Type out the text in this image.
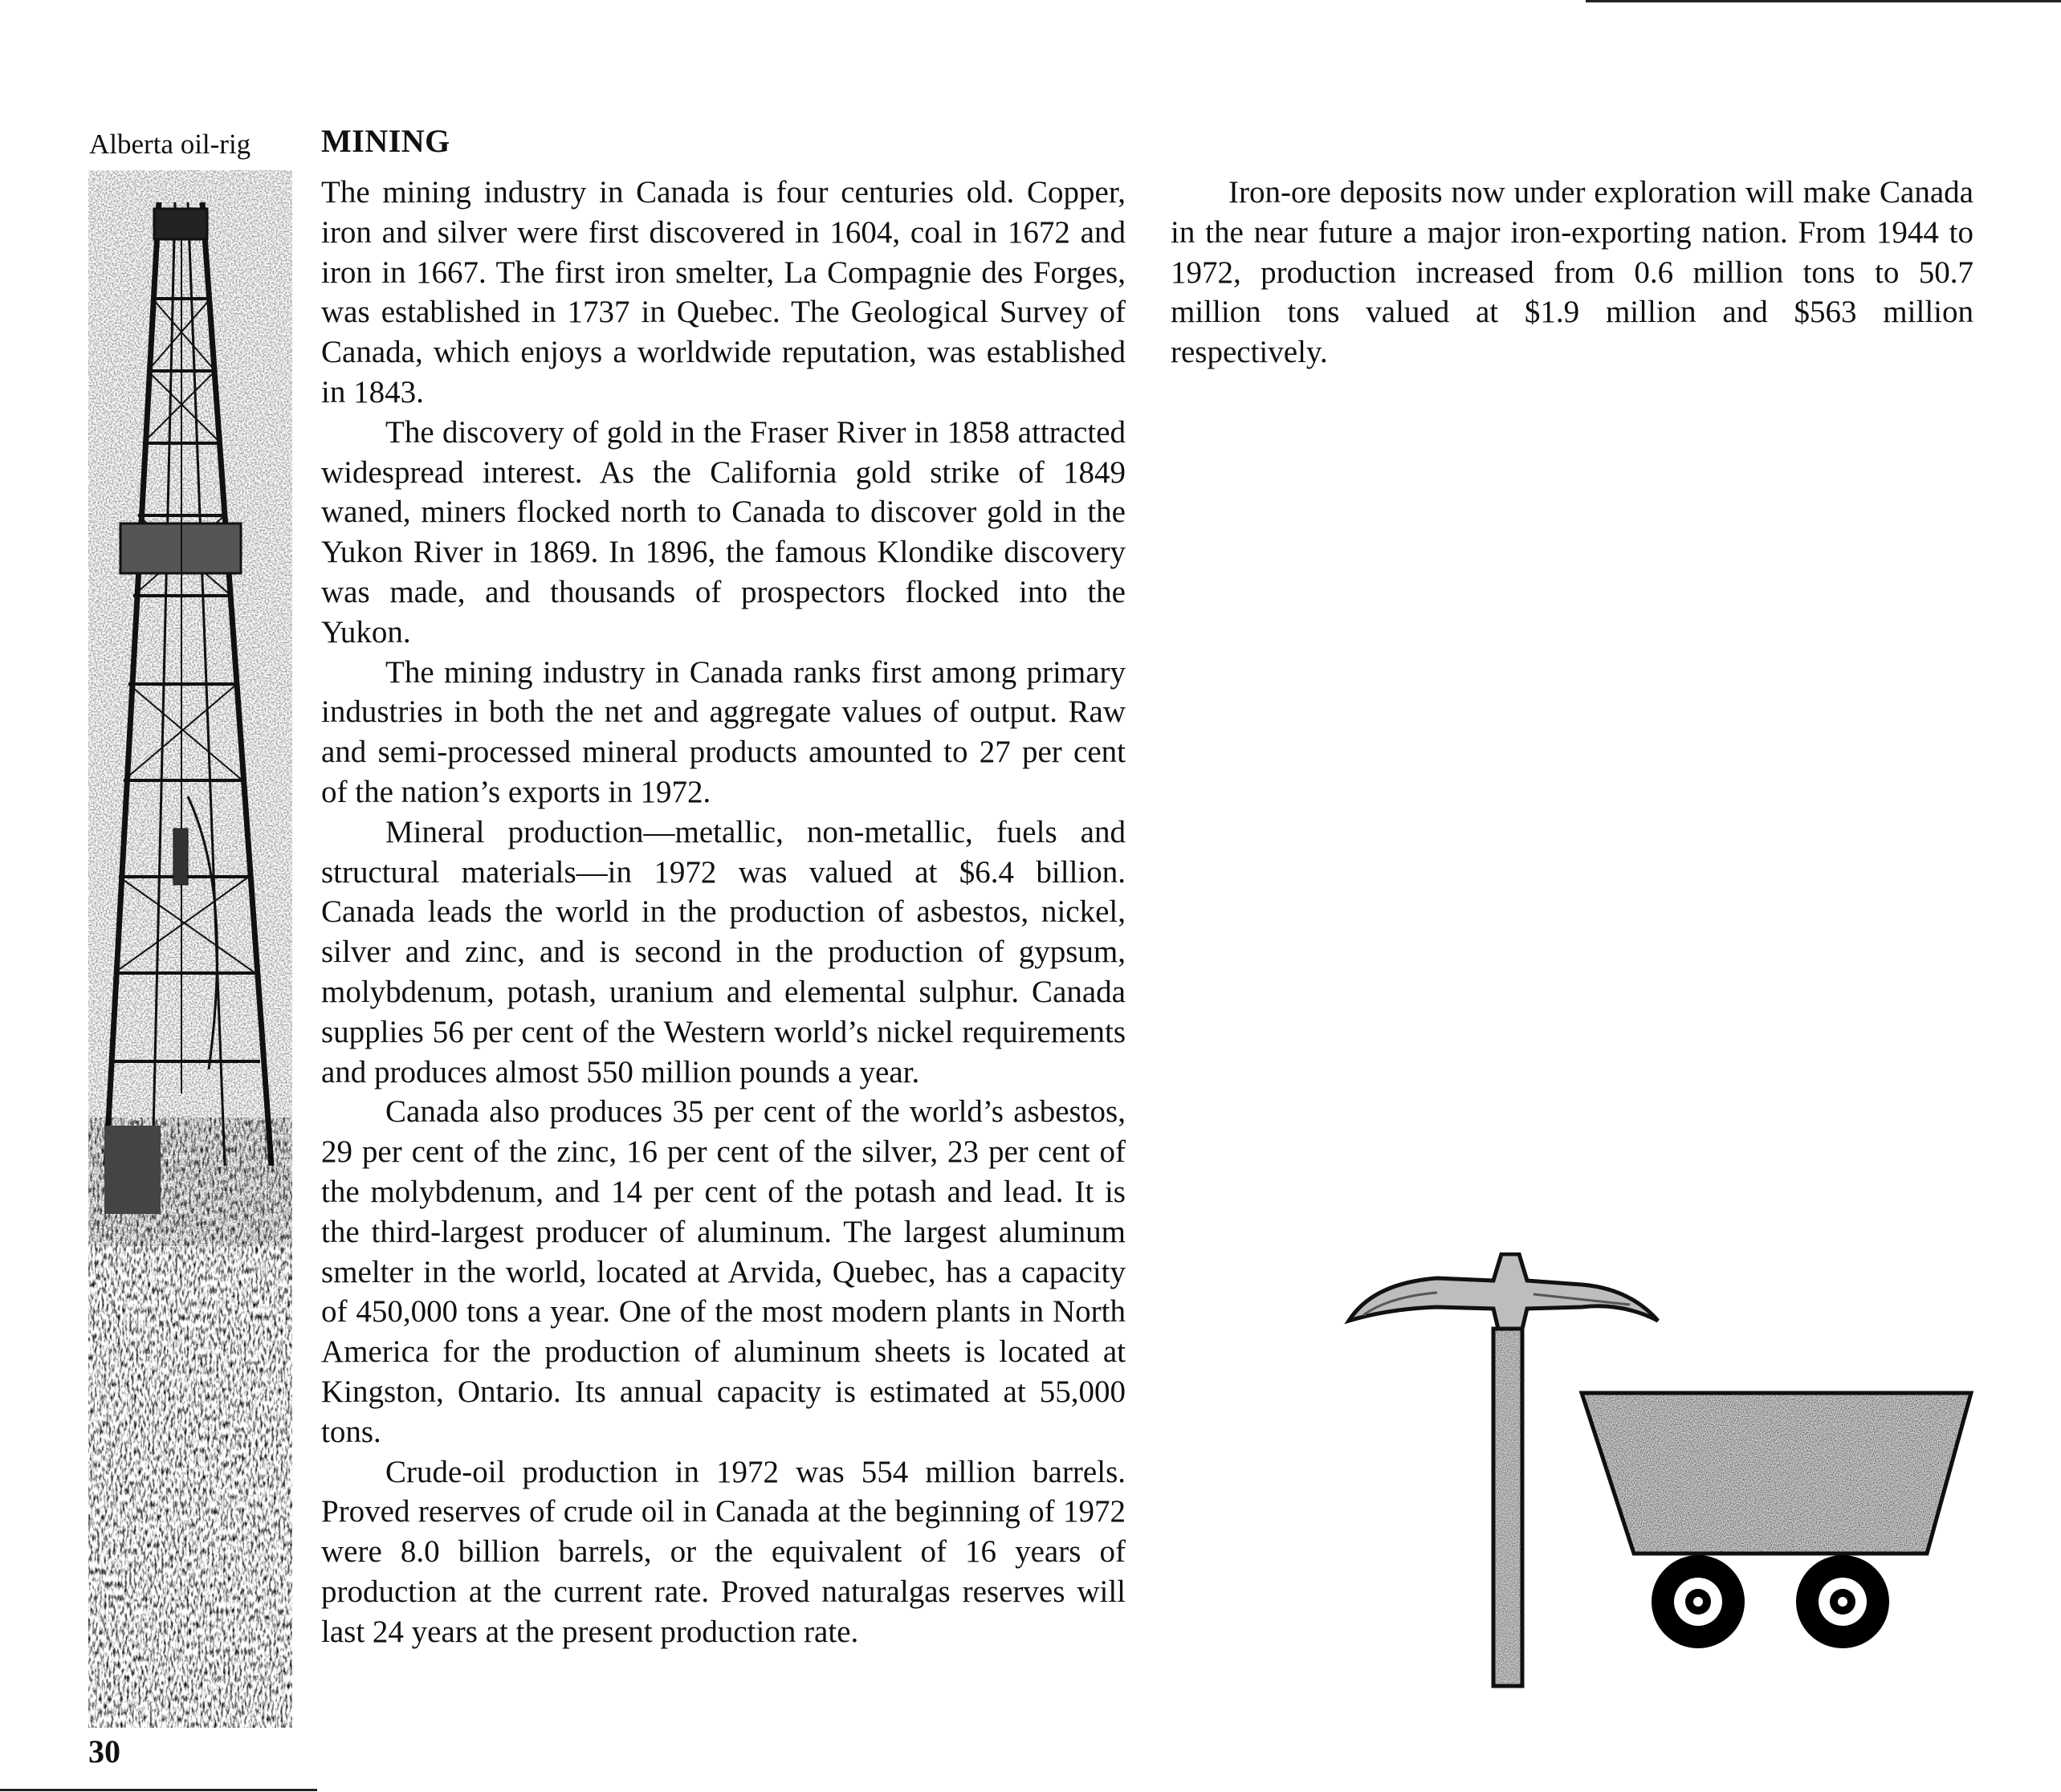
Alberta oil-rig MINING

The mining industry in Canada is four centuries old. Copper, iron and silver were first discovered in 1604, coal in 1672 and iron in 1667. The first iron smelter, La Compagnie des Forges, was established in 1737 in Quebec. The Geological Survey of Canada, which enjoys a worldwide reputation, was established in 1843.

The discovery of gold in the Fraser River in 1858 attracted widespread interest. As the California gold strike of 1849 waned, miners flocked north to Canada to discover gold in the Yukon River in 1869. In 1896, the famous Klondike discovery was made, and thousands of prospectors flocked into the Yukon.

The mining industry in Canada ranks first among primary industries in both the net and aggregate values of output. Raw and semi-processed mineral products amounted to 27 per cent of the nation’s exports in 1972.

Mineral production—metallic, non-metallic, fuels and structural materials—in 1972 was valued at $6.4 billion. Canada leads the world in the production of asbestos, nickel, silver and zinc, and is second in the production of gypsum, molybdenum, potash, uranium and elemental sulphur. Canada supplies 56 per cent of the Western world’s nickel requirements and produces almost 550 million pounds a year.

Canada also produces 35 per cent of the world’s asbestos, 29 per cent of the zinc, 16 per cent of the silver, 23 per cent of the molybdenum, and 14 per cent of the potash and lead. It is the third-largest producer of aluminum. The largest aluminum smelter in the world, located at Arvida, Quebec, has a capacity of 450,000 tons a year. One of the most modern plants in North America for the production of aluminum sheets is located at Kingston, Ontario. Its annual capacity is estimated at 55,000 tons.

Crude-oil production in 1972 was 554 million barrels. Proved reserves of crude oil in Canada at the beginning of 1972 were 8.0 billion barrels, or the equivalent of 16 years of production at the current rate. Proved naturalgas reserves will last 24 years at the present production rate.

Iron-ore deposits now under exploration will make Canada in the near future a major iron-exporting nation. From 1944 to 1972, production increased from 0.6 million tons to 50.7 million tons valued at $1.9 million and $563 million respectively.

30
